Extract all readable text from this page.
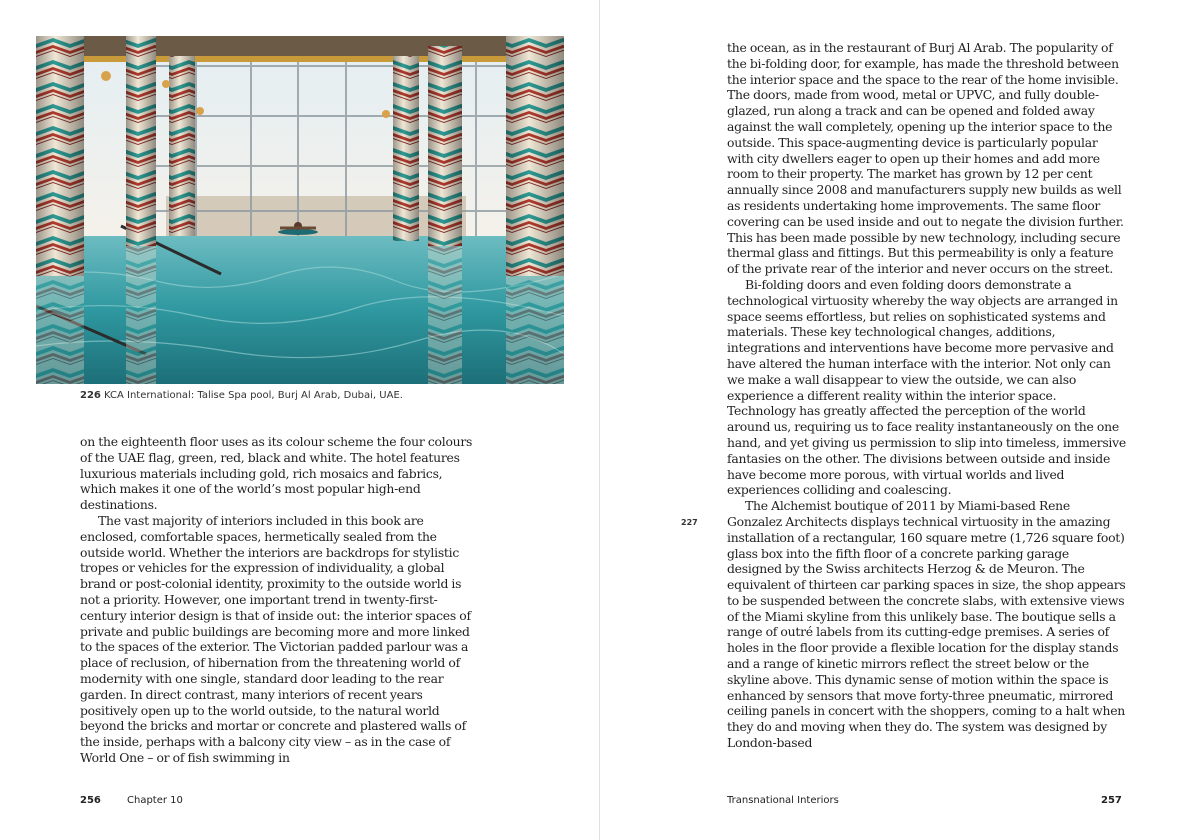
226 KCA International: Talise Spa pool, Burj Al Arab, Dubai, UAE.

on the eighteenth floor uses as its colour scheme the four colours of the UAE flag, green, red, black and white. The hotel features luxurious materials including gold, rich mosaics and fabrics, which makes it one of the world’s most popular high-end destinations.

The vast majority of interiors included in this book are enclosed, comfortable spaces, hermetically sealed from the outside world. Whether the interiors are backdrops for stylistic tropes or vehicles for the expression of individuality, a global brand or post-colonial identity, proximity to the outside world is not a priority. However, one important trend in twenty-first-century interior design is that of inside out: the interior spaces of private and public buildings are becoming more and more linked to the spaces of the exterior. The Victorian padded parlour was a place of reclusion, of hibernation from the threatening world of modernity with one single, standard door leading to the rear garden. In direct contrast, many interiors of recent years positively open up to the world outside, to the natural world beyond the bricks and mortar or concrete and plastered walls of the inside, perhaps with a balcony city view – as in the case of World One – or of fish swimming in

256	Chapter 10

the ocean, as in the restaurant of Burj Al Arab. The popularity of the bi-folding door, for example, has made the threshold between the interior space and the space to the rear of the home invisible. The doors, made from wood, metal or UPVC, and fully double-glazed, run along a track and can be opened and folded away against the wall completely, opening up the interior space to the outside. This space-augmenting device is particularly popular with city dwellers eager to open up their homes and add more room to their property. The market has grown by 12 per cent annually since 2008 and manufacturers supply new builds as well as residents undertaking home improvements. The same floor covering can be used inside and out to negate the division further. This has been made possible by new technology, including secure thermal glass and fittings. But this permeability is only a feature of the private rear of the interior and never occurs on the street.

Bi-folding doors and even folding doors demonstrate a technological virtuosity whereby the way objects are arranged in space seems effortless, but relies on sophisticated systems and materials. These key technological changes, additions, integrations and interventions have become more pervasive and have altered the human interface with the interior. Not only can we make a wall disappear to view the outside, we can also experience a different reality within the interior space. Technology has greatly affected the perception of the world around us, requiring us to face reality instantaneously on the one hand, and yet giving us permission to slip into timeless, immersive fantasies on the other. The divisions between outside and inside have become more porous, with virtual worlds and lived experiences colliding and coalescing.

The Alchemist boutique of 2011 by Miami-based Rene Gonzalez Architects displays technical virtuosity in the amazing installation of a rectangular, 160 square metre (1,726 square foot) glass box into the fifth floor of a concrete parking garage designed by the Swiss architects Herzog & de Meuron. The equivalent of thirteen car parking spaces in size, the shop appears to be suspended between the concrete slabs, with extensive views of the Miami skyline from this unlikely base. The boutique sells a range of outré labels from its cutting-edge premises. A series of holes in the floor provide a flexible location for the display stands and a range of kinetic mirrors reflect the street below or the skyline above. This dynamic sense of motion within the space is enhanced by sensors that move forty-three pneumatic, mirrored ceiling panels in concert with the shoppers, coming to a halt when they do and moving when they do. The system was designed by London-based

227
Transnational Interiors	257
